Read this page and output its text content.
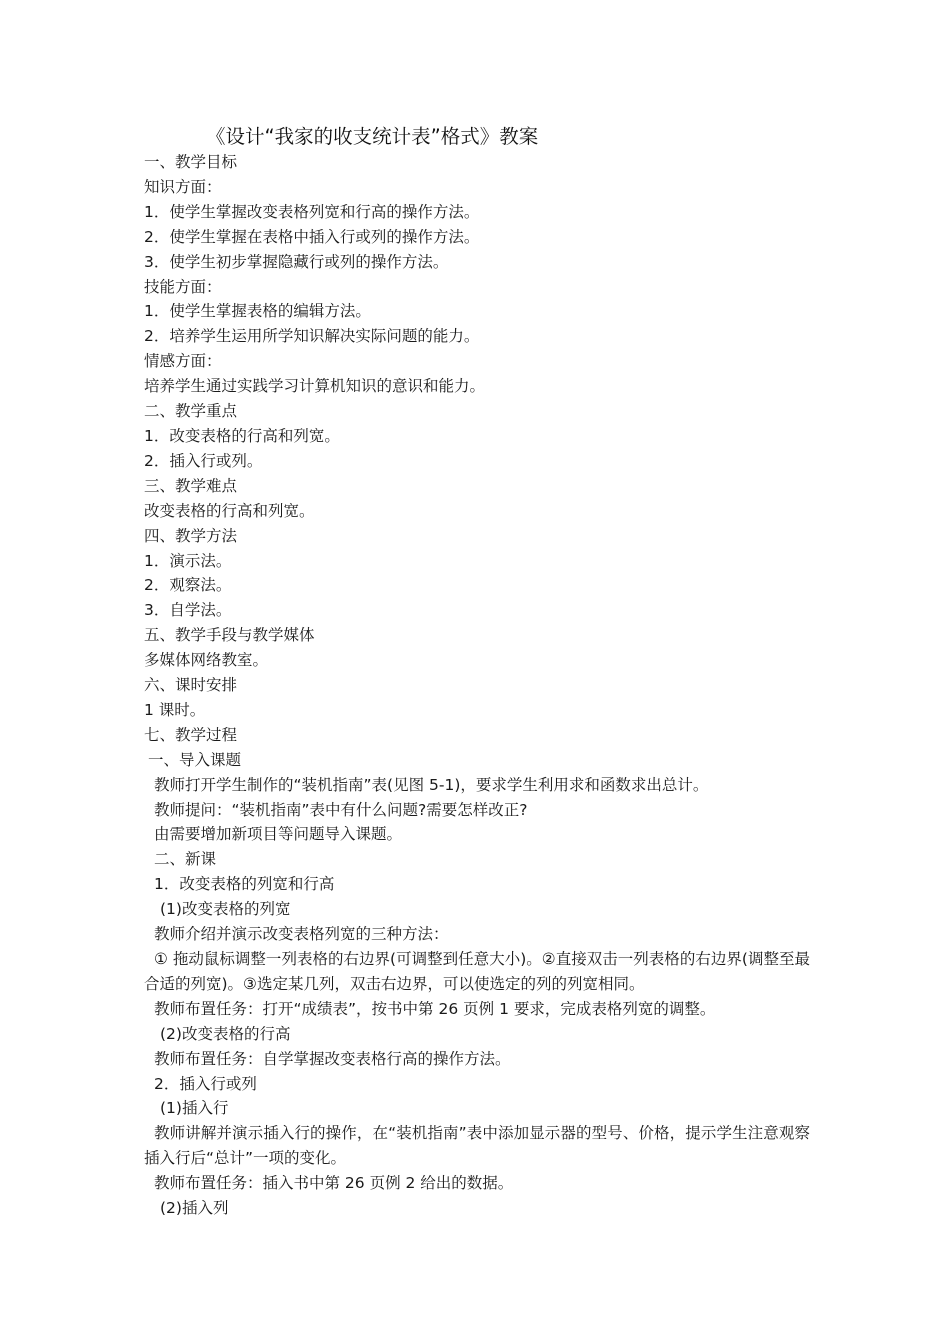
《设计“我家的收支统计表”格式》教案

一、教学目标

知识方面：

1．使学生掌握改变表格列宽和行高的操作方法。

2．使学生掌握在表格中插入行或列的操作方法。

3．使学生初步掌握隐藏行或列的操作方法。

技能方面：

1．使学生掌握表格的编辑方法。

2．培养学生运用所学知识解决实际问题的能力。

情感方面：

培养学生通过实践学习计算机知识的意识和能力。

二、教学重点

1．改变表格的行高和列宽。

2．插入行或列。

三、教学难点

改变表格的行高和列宽。

四、教学方法

1．演示法。

2．观察法。

3．自学法。

五、教学手段与教学媒体

多媒体网络教室。

六、课时安排

1 课时。

七、教学过程

一、导入课题

教师打开学生制作的“装机指南”表(见图 5-1)，要求学生利用求和函数求出总计。

教师提问：“装机指南”表中有什么问题?需要怎样改正?

由需要增加新项目等问题导入课题。

二、新课

1．改变表格的列宽和行高

(1)改变表格的列宽

教师介绍并演示改变表格列宽的三种方法：

① 拖动鼠标调整一列表格的右边界(可调整到任意大小)。②直接双击一列表格的右边界(调整至最合适的列宽)。③选定某几列，双击右边界，可以使选定的列的列宽相同。

教师布置任务：打开“成绩表”，按书中第 26 页例 1 要求，完成表格列宽的调整。

(2)改变表格的行高

教师布置任务：自学掌握改变表格行高的操作方法。

2．插入行或列

(1)插入行

教师讲解并演示插入行的操作，在“装机指南”表中添加显示器的型号、价格，提示学生注意观察插入行后“总计”一项的变化。

教师布置任务：插入书中第 26 页例 2 给出的数据。

(2)插入列
